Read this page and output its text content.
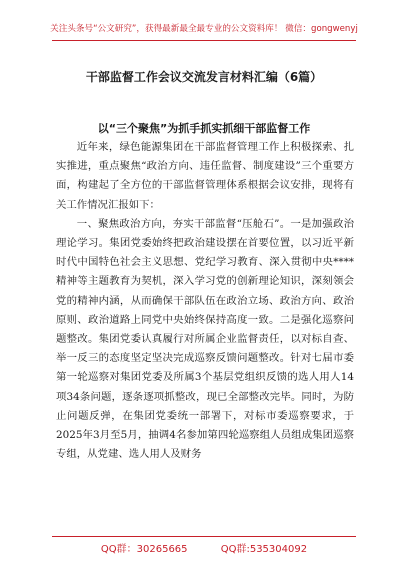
关注头条号“公文研究”，获得最新最全最专业的公文资料库！ 微信：gongwenyj
干部监督工作会议交流发言材料汇编（6篇）
以“三个聚焦”为抓手抓实抓细干部监督工作

近年来，绿色能源集团在干部监督管理工作上积极探索、扎实推进，重点聚焦“政治方向、违任监督、制度建设”三个重要方面，构建起了全方位的干部监督管理体系根据会议安排，现将有关工作情况汇报如下：

一、聚焦政治方向，夯实干部监督“压舱石”。一是加强政治理论学习。集团党委始终把政治建设摆在首要位置，以习近平新时代中国特色社会主义思想、党纪学习教育、深入贯彻中央****精神等主题教育为契机，深入学习党的创新理论知识，深刻领会党的精神内涵，从而确保干部队伍在政治立场、政治方向、政治原则、政治道路上同党中央始终保持高度一致。二是强化巡察问题整改。集团党委认真履行对所属企业监督责任，以对标自查、举一反三的态度坚定坚决完成巡察反馈问题整改。针对七届市委第一轮巡察对集团党委及所属3个基层党组织反馈的选人用人14项34条问题，逐条逐项抓整改，现已全部整改完毕。同时，为防止问题反弹，在集团党委统一部署下，对标市委巡察要求，于2025年3月至5月，抽调4名参加第四轮巡察组人员组成集团巡察专组，从党建、选人用人及财务

QQ群：30265665	QQ群:535304092
